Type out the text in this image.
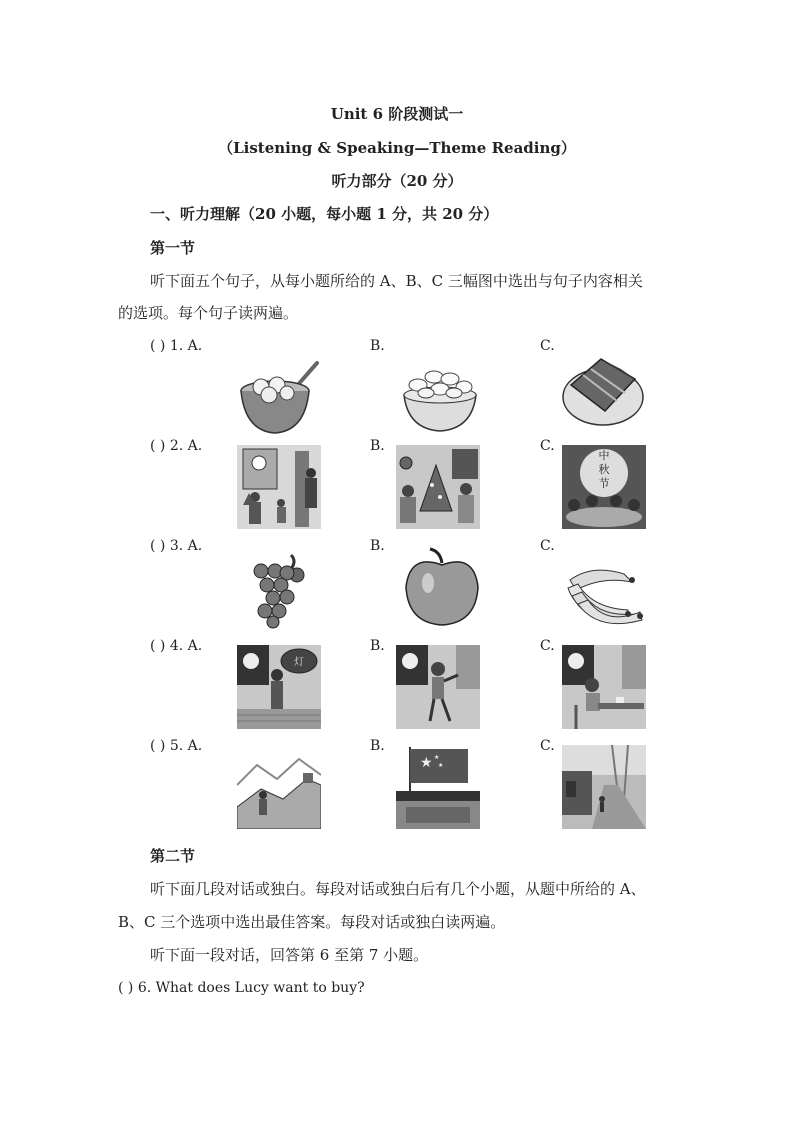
Unit 6 阶段测试一
（Listening & Speaking—Theme Reading）
听力部分（20 分）
一、听力理解（20 小题，每小题 1 分，共 20 分）
第一节
听下面五个句子，从每小题所给的 A、B、C 三幅图中选出与句子内容相关
的选项。每个句子读两遍。
( ) 1. A.	B.	C.
( ) 2. A.	B.	C.
( ) 3. A.	B.	C.
( ) 4. A.	B.	C.
( ) 5. A.	B.	C.
中
秋
节
灯
★ ★
★
第二节
听下面几段对话或独白。每段对话或独白后有几个小题，从题中所给的 A、
B、C 三个选项中选出最佳答案。每段对话或独白读两遍。
听下面一段对话，回答第 6 至第 7 小题。
( ) 6. What does Lucy want to buy?
